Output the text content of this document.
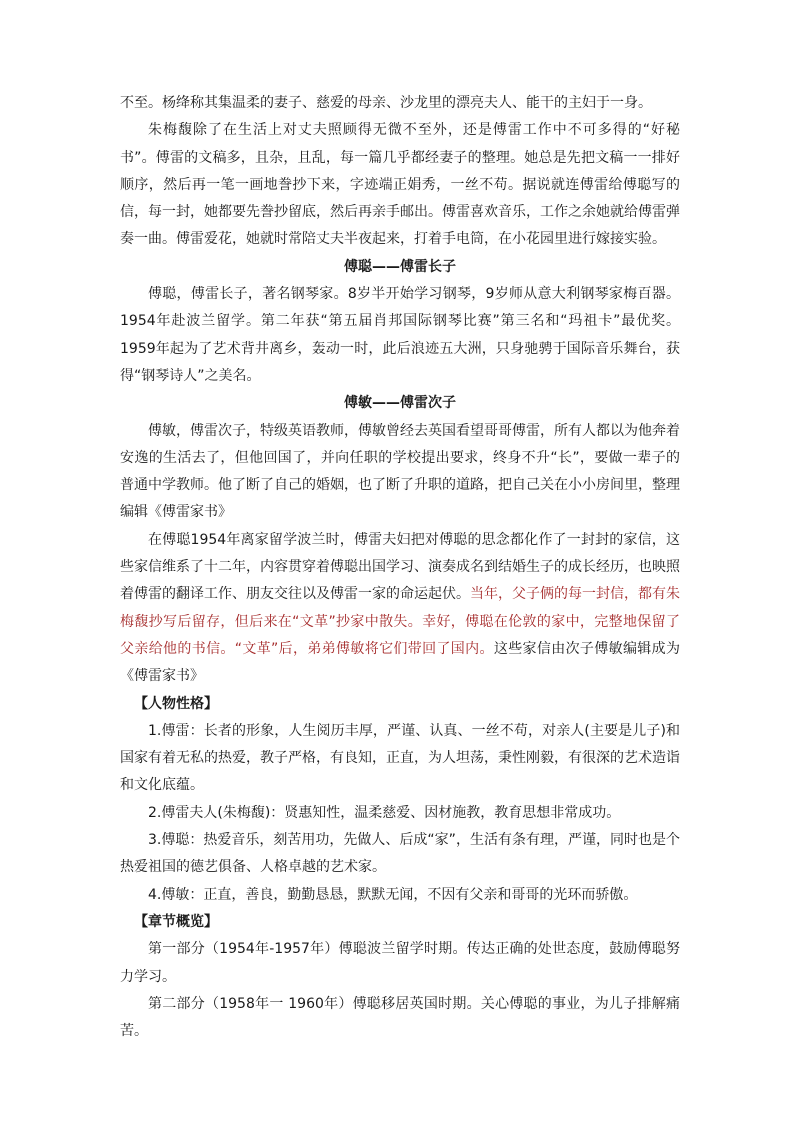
不至。杨绛称其集温柔的妻子、慈爱的母亲、沙龙里的漂亮夫人、能干的主妇于一身。

朱梅馥除了在生活上对丈夫照顾得无微不至外，还是傅雷工作中不可多得的“好秘书”。傅雷的文稿多，且杂，且乱，每一篇几乎都经妻子的整理。她总是先把文稿一一排好顺序，然后再一笔一画地誊抄下来，字迹端正娟秀，一丝不苟。据说就连傅雷给傅聪写的信，每一封，她都要先誊抄留底，然后再亲手邮出。傅雷喜欢音乐，工作之余她就给傅雷弹奏一曲。傅雷爱花，她就时常陪丈夫半夜起来，打着手电筒，在小花园里进行嫁接实验。

傅聪——傅雷长子

傅聪，傅雷长子，著名钢琴家。8岁半开始学习钢琴，9岁师从意大利钢琴家梅百器。1954年赴波兰留学。第二年获“第五届肖邦国际钢琴比赛”第三名和“玛祖卡”最优奖。1959年起为了艺术背井离乡，轰动一时，此后浪迹五大洲，只身驰骋于国际音乐舞台，获得“钢琴诗人”之美名。

傅敏——傅雷次子

傅敏，傅雷次子，特级英语教师，傅敏曾经去英国看望哥哥傅雷，所有人都以为他奔着安逸的生活去了，但他回国了，并向任职的学校提出要求，终身不升“长”，要做一辈子的普通中学教师。他了断了自己的婚姻，也了断了升职的道路，把自己关在小小房间里，整理编辑《傅雷家书》

在傅聪1954年离家留学波兰时，傅雷夫妇把对傅聪的思念都化作了一封封的家信，这些家信维系了十二年，内容贯穿着傅聪出国学习、演奏成名到结婚生子的成长经历，也映照着傅雷的翻译工作、朋友交往以及傅雷一家的命运起伏。当年，父子俩的每一封信，都有朱梅馥抄写后留存，但后来在“文革”抄家中散失。幸好，傅聪在伦敦的家中，完整地保留了父亲给他的书信。“文革”后，弟弟傅敏将它们带回了国内。这些家信由次子傅敏编辑成为《傅雷家书》

【人物性格】

1.傅雷：长者的形象，人生阅历丰厚，严谨、认真、一丝不苟，对亲人(主要是儿子)和国家有着无私的热爱，教子严格，有良知，正直，为人坦荡，秉性刚毅，有很深的艺术造诣和文化底蕴。

2.傅雷夫人(朱梅馥)：贤惠知性，温柔慈爱、因材施教，教育思想非常成功。

3.傅聪：热爱音乐，刻苦用功，先做人、后成“家”，生活有条有理，严谨，同时也是个热爱祖国的德艺俱备、人格卓越的艺术家。

4.傅敏：正直，善良，勤勤恳恳，默默无闻，不因有父亲和哥哥的光环而骄傲。

【章节概览】

第一部分（1954年-1957年）傅聪波兰留学时期。传达正确的处世态度，鼓励傅聪努力学习。

第二部分（1958年一 1960年）傅聪移居英国时期。关心傅聪的事业，为儿子排解痛苦。
